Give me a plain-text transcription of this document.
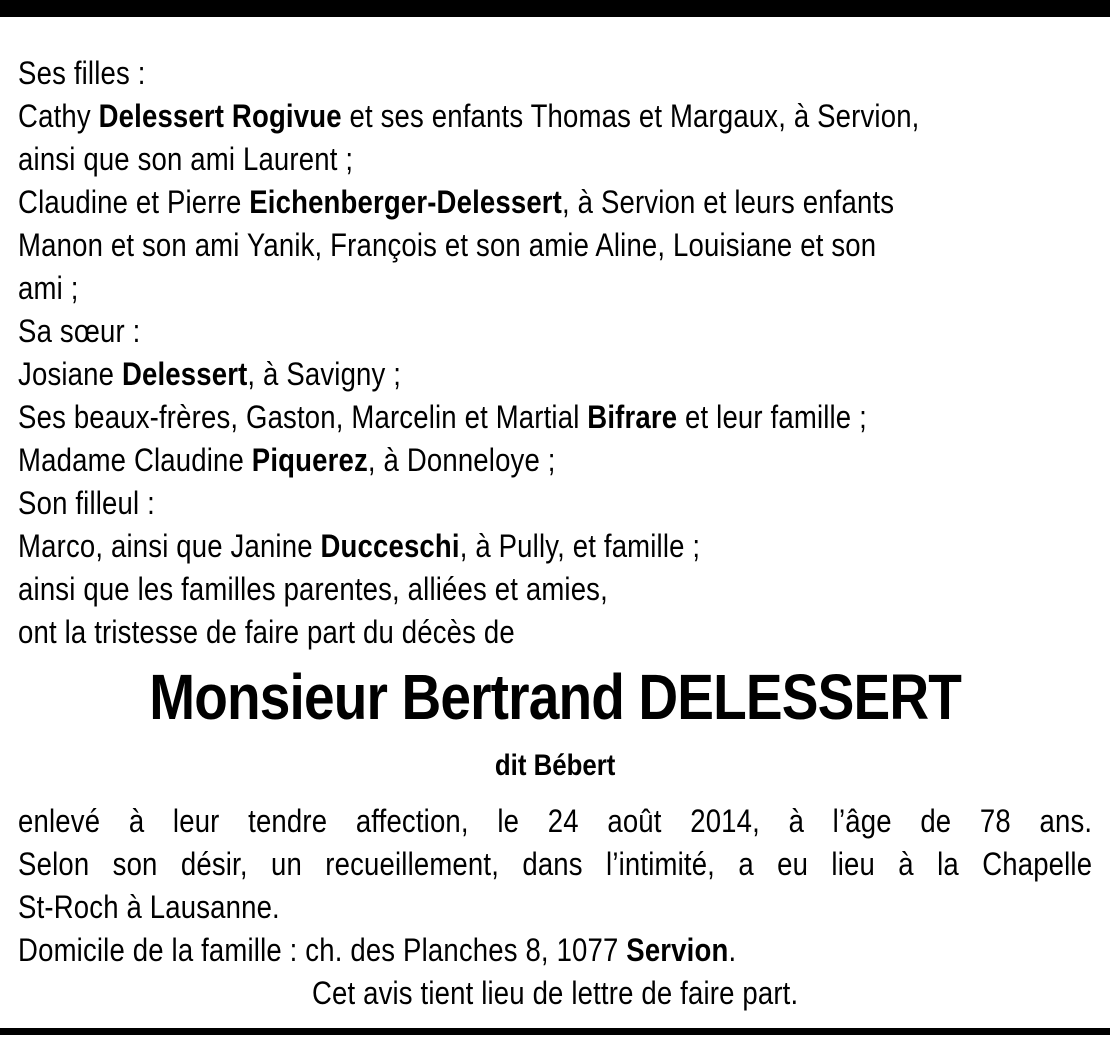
Ses filles :
Cathy Delessert Rogivue et ses enfants Thomas et Margaux, à Servion,
ainsi que son ami Laurent ;
Claudine et Pierre Eichenberger-Delessert, à Servion et leurs enfants
Manon et son ami Yanik, François et son amie Aline, Louisiane et son
ami ;
Sa sœur :
Josiane Delessert, à Savigny ;
Ses beaux-frères, Gaston, Marcelin et Martial Bifrare et leur famille ;
Madame Claudine Piquerez, à Donneloye ;
Son filleul :
Marco, ainsi que Janine Ducceschi, à Pully, et famille ;
ainsi que les familles parentes, alliées et amies,
ont la tristesse de faire part du décès de
Monsieur Bertrand DELESSERT
dit Bébert
enlevé à leur tendre affection, le 24 août 2014, à l’âge de 78 ans.
Selon son désir, un recueillement, dans l’intimité, a eu lieu à la Chapelle
St-Roch à Lausanne.
Domicile de la famille : ch. des Planches 8, 1077 Servion.
Cet avis tient lieu de lettre de faire part.
